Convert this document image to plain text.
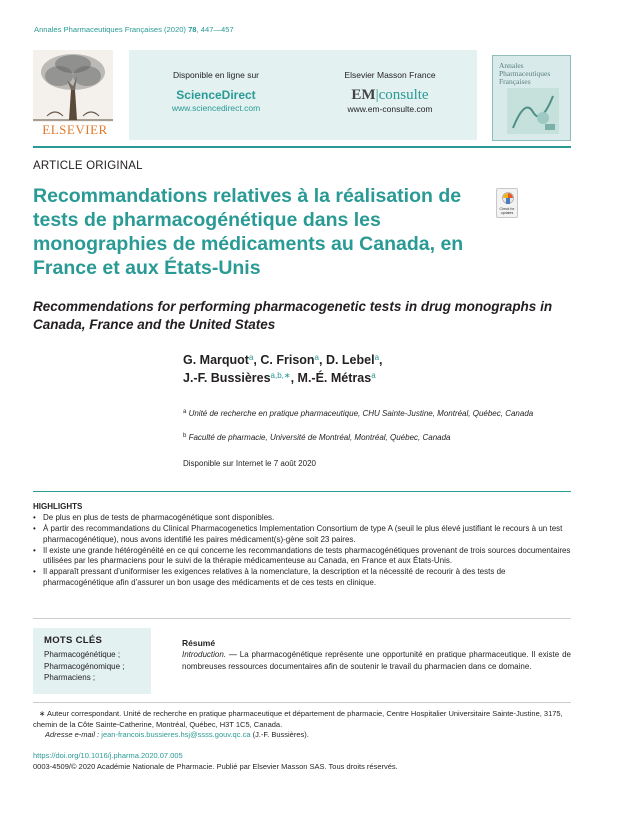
Annales Pharmaceutiques Françaises (2020) 78, 447—457
ELSEVIER
Disponible en ligne sur
ScienceDirect
www.sciencedirect.com
Elsevier Masson France
EM|consulte
www.em-consulte.com
Annales Pharmaceutiques Françaises
ARTICLE ORIGINAL
Recommandations relatives à la réalisation de tests de pharmacogénétique dans les monographies de médicaments au Canada, en France et aux États-Unis
Check for updates
Recommendations for performing pharmacogenetic tests in drug monographs in Canada, France and the United States
G. Marquot$^a$, C. Frison$^a$, D. Lebel$^a$,
J.-F. Bussières$^{a,b,∗}$, M.-É. Métras$^a$
$^a$ Unité de recherche en pratique pharmaceutique, CHU Sainte-Justine, Montréal, Québec, Canada
$^b$ Faculté de pharmacie, Université de Montréal, Montréal, Québec, Canada
Disponible sur Internet le 7 août 2020
HIGHLIGHTS
• De plus en plus de tests de pharmacogénétique sont disponibles.
• À partir des recommandations du Clinical Pharmacogenetics Implementation Consortium de type A (seuil le plus élevé justifiant le recours à un test pharmacogénétique), nous avons identifié les paires médicament(s)-gène soit 23 paires.
• Il existe une grande hétérogénéité en ce qui concerne les recommandations de tests pharmacogénétiques provenant de trois sources documentaires utilisées par les pharmaciens pour le suivi de la thérapie médicamenteuse au Canada, en France et aux États-Unis.
• Il apparaît pressant d’uniformiser les exigences relatives à la nomenclature, la description et la nécessité de recourir à des tests de pharmacogénétique afin d’assurer un bon usage des médicaments et de ces tests en clinique.
MOTS CLÉS
Pharmacogénétique ;
Pharmacogénomique ;
Pharmaciens ;
Résumé

Introduction. — La pharmacogénétique représente une opportunité en pratique pharmaceutique. Il existe de nombreuses ressources documentaires afin de soutenir le travail du pharmacien dans ce domaine.

∗ Auteur correspondant. Unité de recherche en pratique pharmaceutique et département de pharmacie, Centre Hospitalier Universitaire Sainte-Justine, 3175, chemin de la Côte Sainte-Catherine, Montréal, Québec, H3T 1C5, Canada.
Adresse e-mail : jean-francois.bussieres.hsj@ssss.gouv.qc.ca (J.-F. Bussières).
https://doi.org/10.1016/j.pharma.2020.07.005
0003-4509/© 2020 Académie Nationale de Pharmacie. Publié par Elsevier Masson SAS. Tous droits réservés.
